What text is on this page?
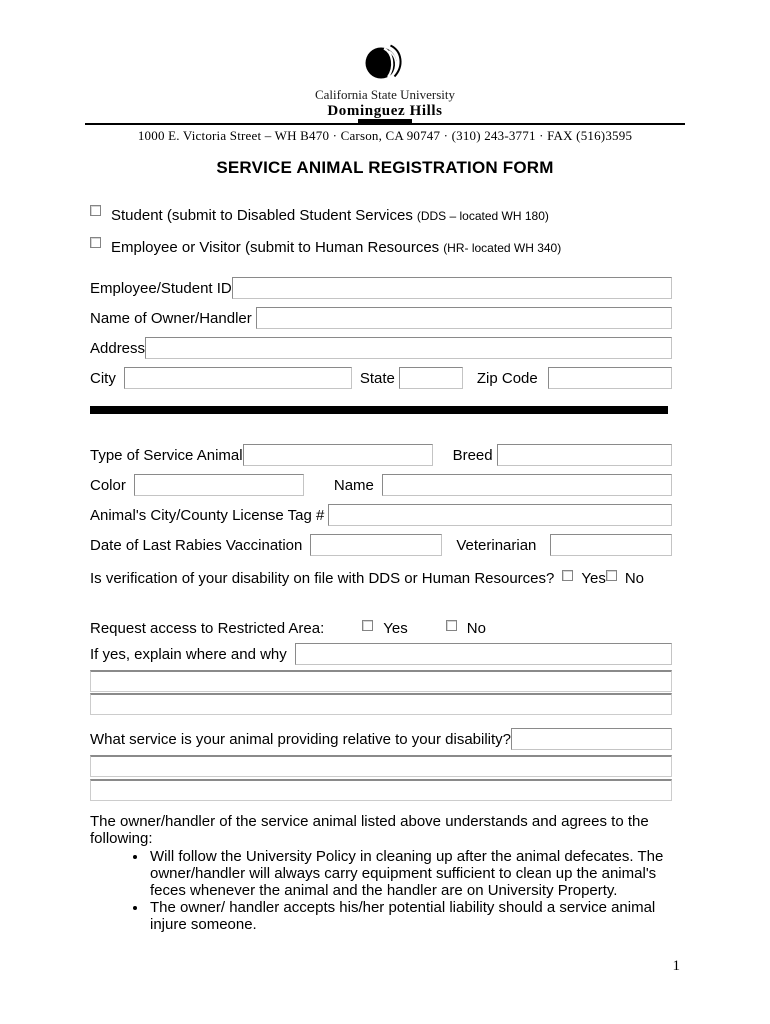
California State University
Dominguez Hills
1000 E. Victoria Street – WH B470 · Carson, CA 90747 · (310) 243-3771 · FAX (516)3595
SERVICE ANIMAL REGISTRATION FORM
Student (submit to Disabled Student Services (DDS – located WH 180)
Employee or Visitor (submit to Human Resources (HR- located WH 340)
Employee/Student ID
Name of Owner/Handler
Address
City	State	Zip Code
Type of Service Animal	Breed
Color	Name
Animal's City/County License Tag #
Date of Last Rabies Vaccination	Veterinarian
Is verification of your disability on file with DDS or Human Resources? Yes No
Request access to Restricted Area:	Yes	No
If yes, explain where and why
What service is your animal providing relative to your disability?
The owner/handler of the service animal listed above understands and agrees to the following:
• Will follow the University Policy in cleaning up after the animal defecates. The owner/handler will always carry equipment sufficient to clean up the animal's feces whenever the animal and the handler are on University Property.
• The owner/ handler accepts his/her potential liability should a service animal injure someone.
1
